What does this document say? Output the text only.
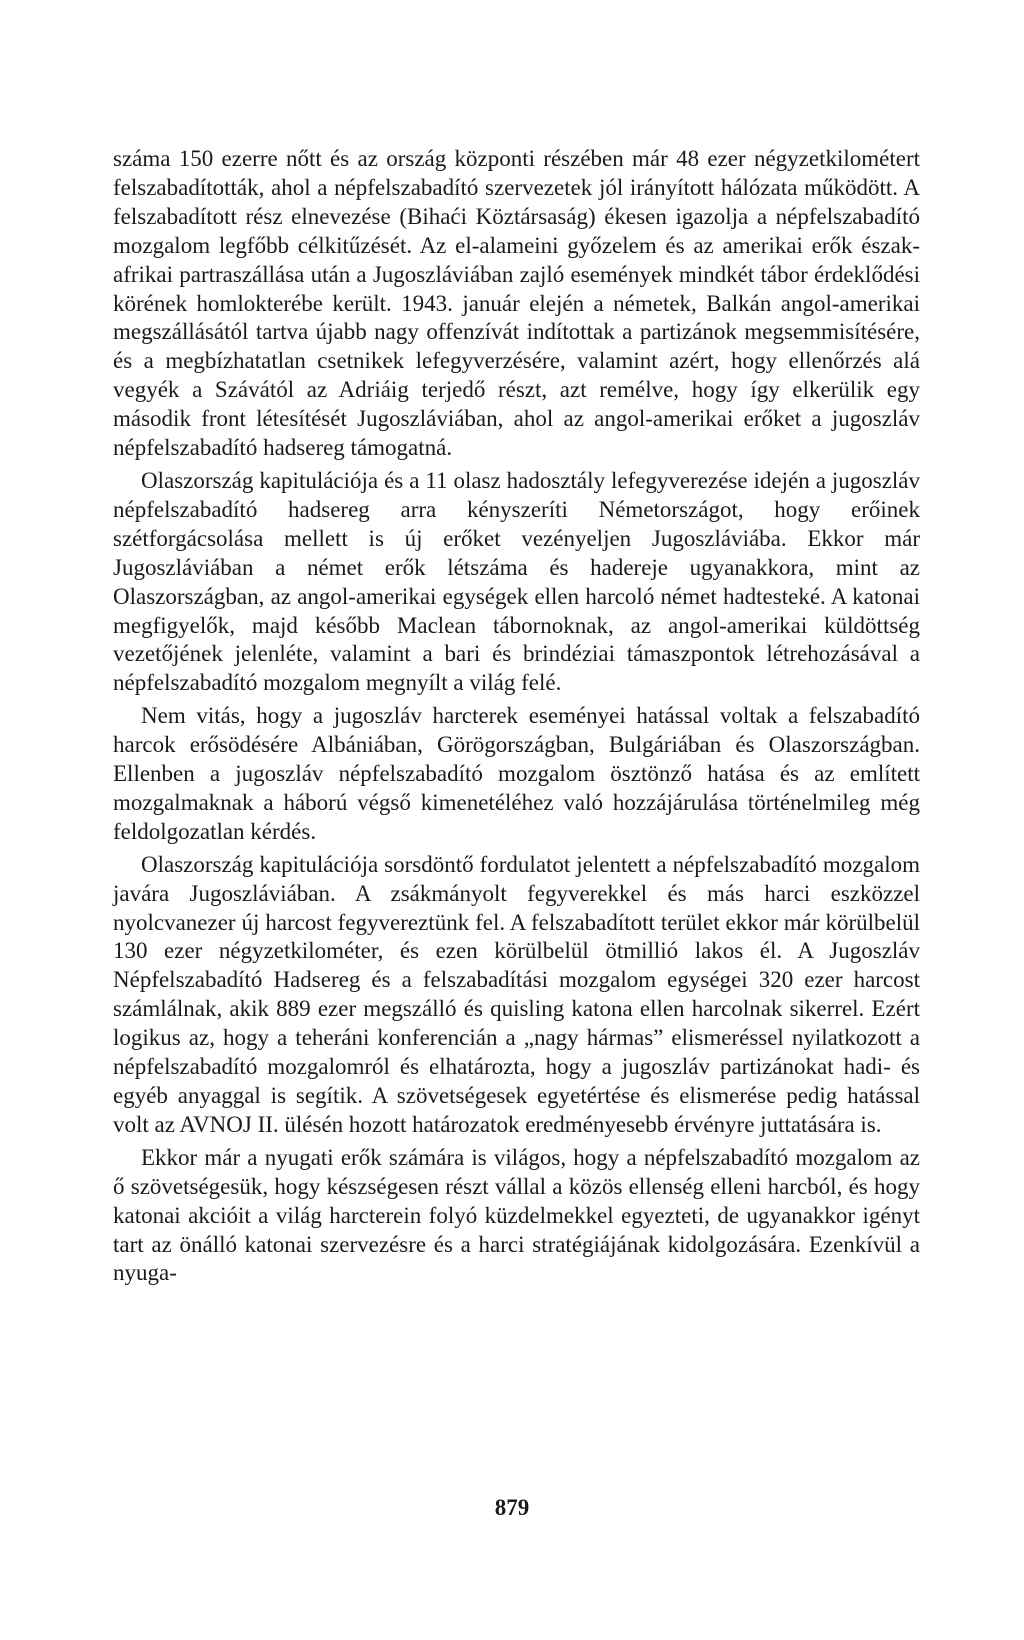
száma 150 ezerre nőtt és az ország központi részében már 48 ezer négyzetkilométert felszabadították, ahol a népfelszabadító szervezetek jól irányított hálózata működött. A felszabadított rész elnevezése (Bihaći Köztársaság) ékesen igazolja a népfelszabadító mozgalom legfőbb célkitűzését. Az el-alameini győzelem és az amerikai erők észak-afrikai partraszállása után a Jugoszláviában zajló események mindkét tábor érdeklődési körének homlokterébe került. 1943. január elején a németek, Balkán angol-amerikai megszállásától tartva újabb nagy offenzívát indítottak a partizánok megsemmisítésére, és a megbízhatatlan csetnikek lefegyverzésére, valamint azért, hogy ellenőrzés alá vegyék a Szávától az Adriáig terjedő részt, azt remélve, hogy így elkerülik egy második front létesítését Jugoszláviában, ahol az angol-amerikai erőket a jugoszláv népfelszabadító hadsereg támogatná.

Olaszország kapitulációja és a 11 olasz hadosztály lefegyverezése idején a jugoszláv népfelszabadító hadsereg arra kényszeríti Németországot, hogy erőinek szétforgácsolása mellett is új erőket vezényeljen Jugoszláviába. Ekkor már Jugoszláviában a német erők létszáma és hadereje ugyanakkora, mint az Olaszországban, az angol-amerikai egységek ellen harcoló német hadtesteké. A katonai megfigyelők, majd később Maclean tábornoknak, az angol-amerikai küldöttség vezetőjének jelenléte, valamint a bari és brindéziai támaszpontok létrehozásával a népfelszabadító mozgalom megnyílt a világ felé.

Nem vitás, hogy a jugoszláv harcterek eseményei hatással voltak a felszabadító harcok erősödésére Albániában, Görögországban, Bulgáriában és Olaszországban. Ellenben a jugoszláv népfelszabadító mozgalom ösztönző hatása és az említett mozgalmaknak a háború végső kimenetéléhez való hozzájárulása történelmileg még feldolgozatlan kérdés.

Olaszország kapitulációja sorsdöntő fordulatot jelentett a népfelszabadító mozgalom javára Jugoszláviában. A zsákmányolt fegyverekkel és más harci eszközzel nyolcvanezer új harcost fegyvereztünk fel. A felszabadított terület ekkor már körülbelül 130 ezer négyzetkilométer, és ezen körülbelül ötmillió lakos él. A Jugoszláv Népfelszabadító Hadsereg és a felszabadítási mozgalom egységei 320 ezer harcost számlálnak, akik 889 ezer megszálló és quisling katona ellen harcolnak sikerrel. Ezért logikus az, hogy a teheráni konferencián a „nagy hármas” elismeréssel nyilatkozott a népfelszabadító mozgalomról és elhatározta, hogy a jugoszláv partizánokat hadi- és egyéb anyaggal is segítik. A szövetségesek egyetértése és elismerése pedig hatással volt az AVNOJ II. ülésén hozott határozatok eredményesebb érvényre juttatására is.

Ekkor már a nyugati erők számára is világos, hogy a népfelszabadító mozgalom az ő szövetségesük, hogy készségesen részt vállal a közös ellenség elleni harcból, és hogy katonai akcióit a világ harcterein folyó küzdelmekkel egyezteti, de ugyanakkor igényt tart az önálló katonai szervezésre és a harci stratégiájának kidolgozására. Ezenkívül a nyuga-

879
